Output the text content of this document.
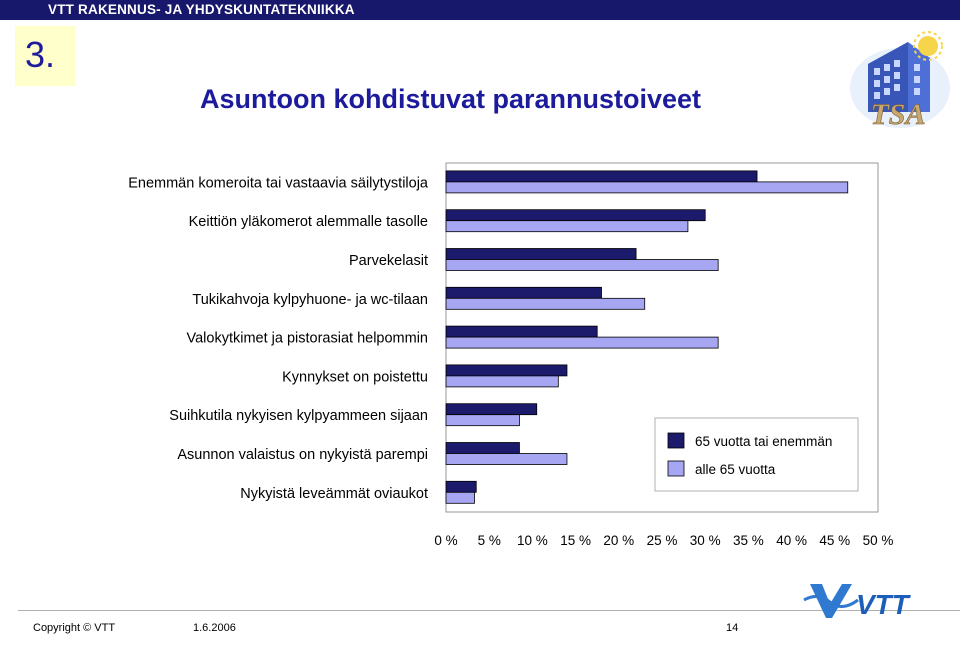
VTT RAKENNUS- JA YHDYSKUNTATEKNIIKKA
3.
Asuntoon kohdistuvat parannustoiveet	TSA
Enemmän komeroita tai vastaavia säilytystiloja
Keittiön yläkomerot alemmalle tasolle
Parvekelasit
Tukikahvoja kylpyhuone- ja wc-tilaan
Valokytkimet ja pistorasiat helpommin
Kynnykset on poistettu
Suihkutila nykyisen kylpyammeen sijaan
Asunnon valaistus on nykyistä parempi
Nykyistä leveämmät oviaukot
0 % 5 % 10 % 15 % 20 % 25 % 30 % 35 % 40 % 45 % 50 %
65 vuotta tai enemmän
alle 65 vuotta
Copyright © VTT	1.6.2006	14
VTT
